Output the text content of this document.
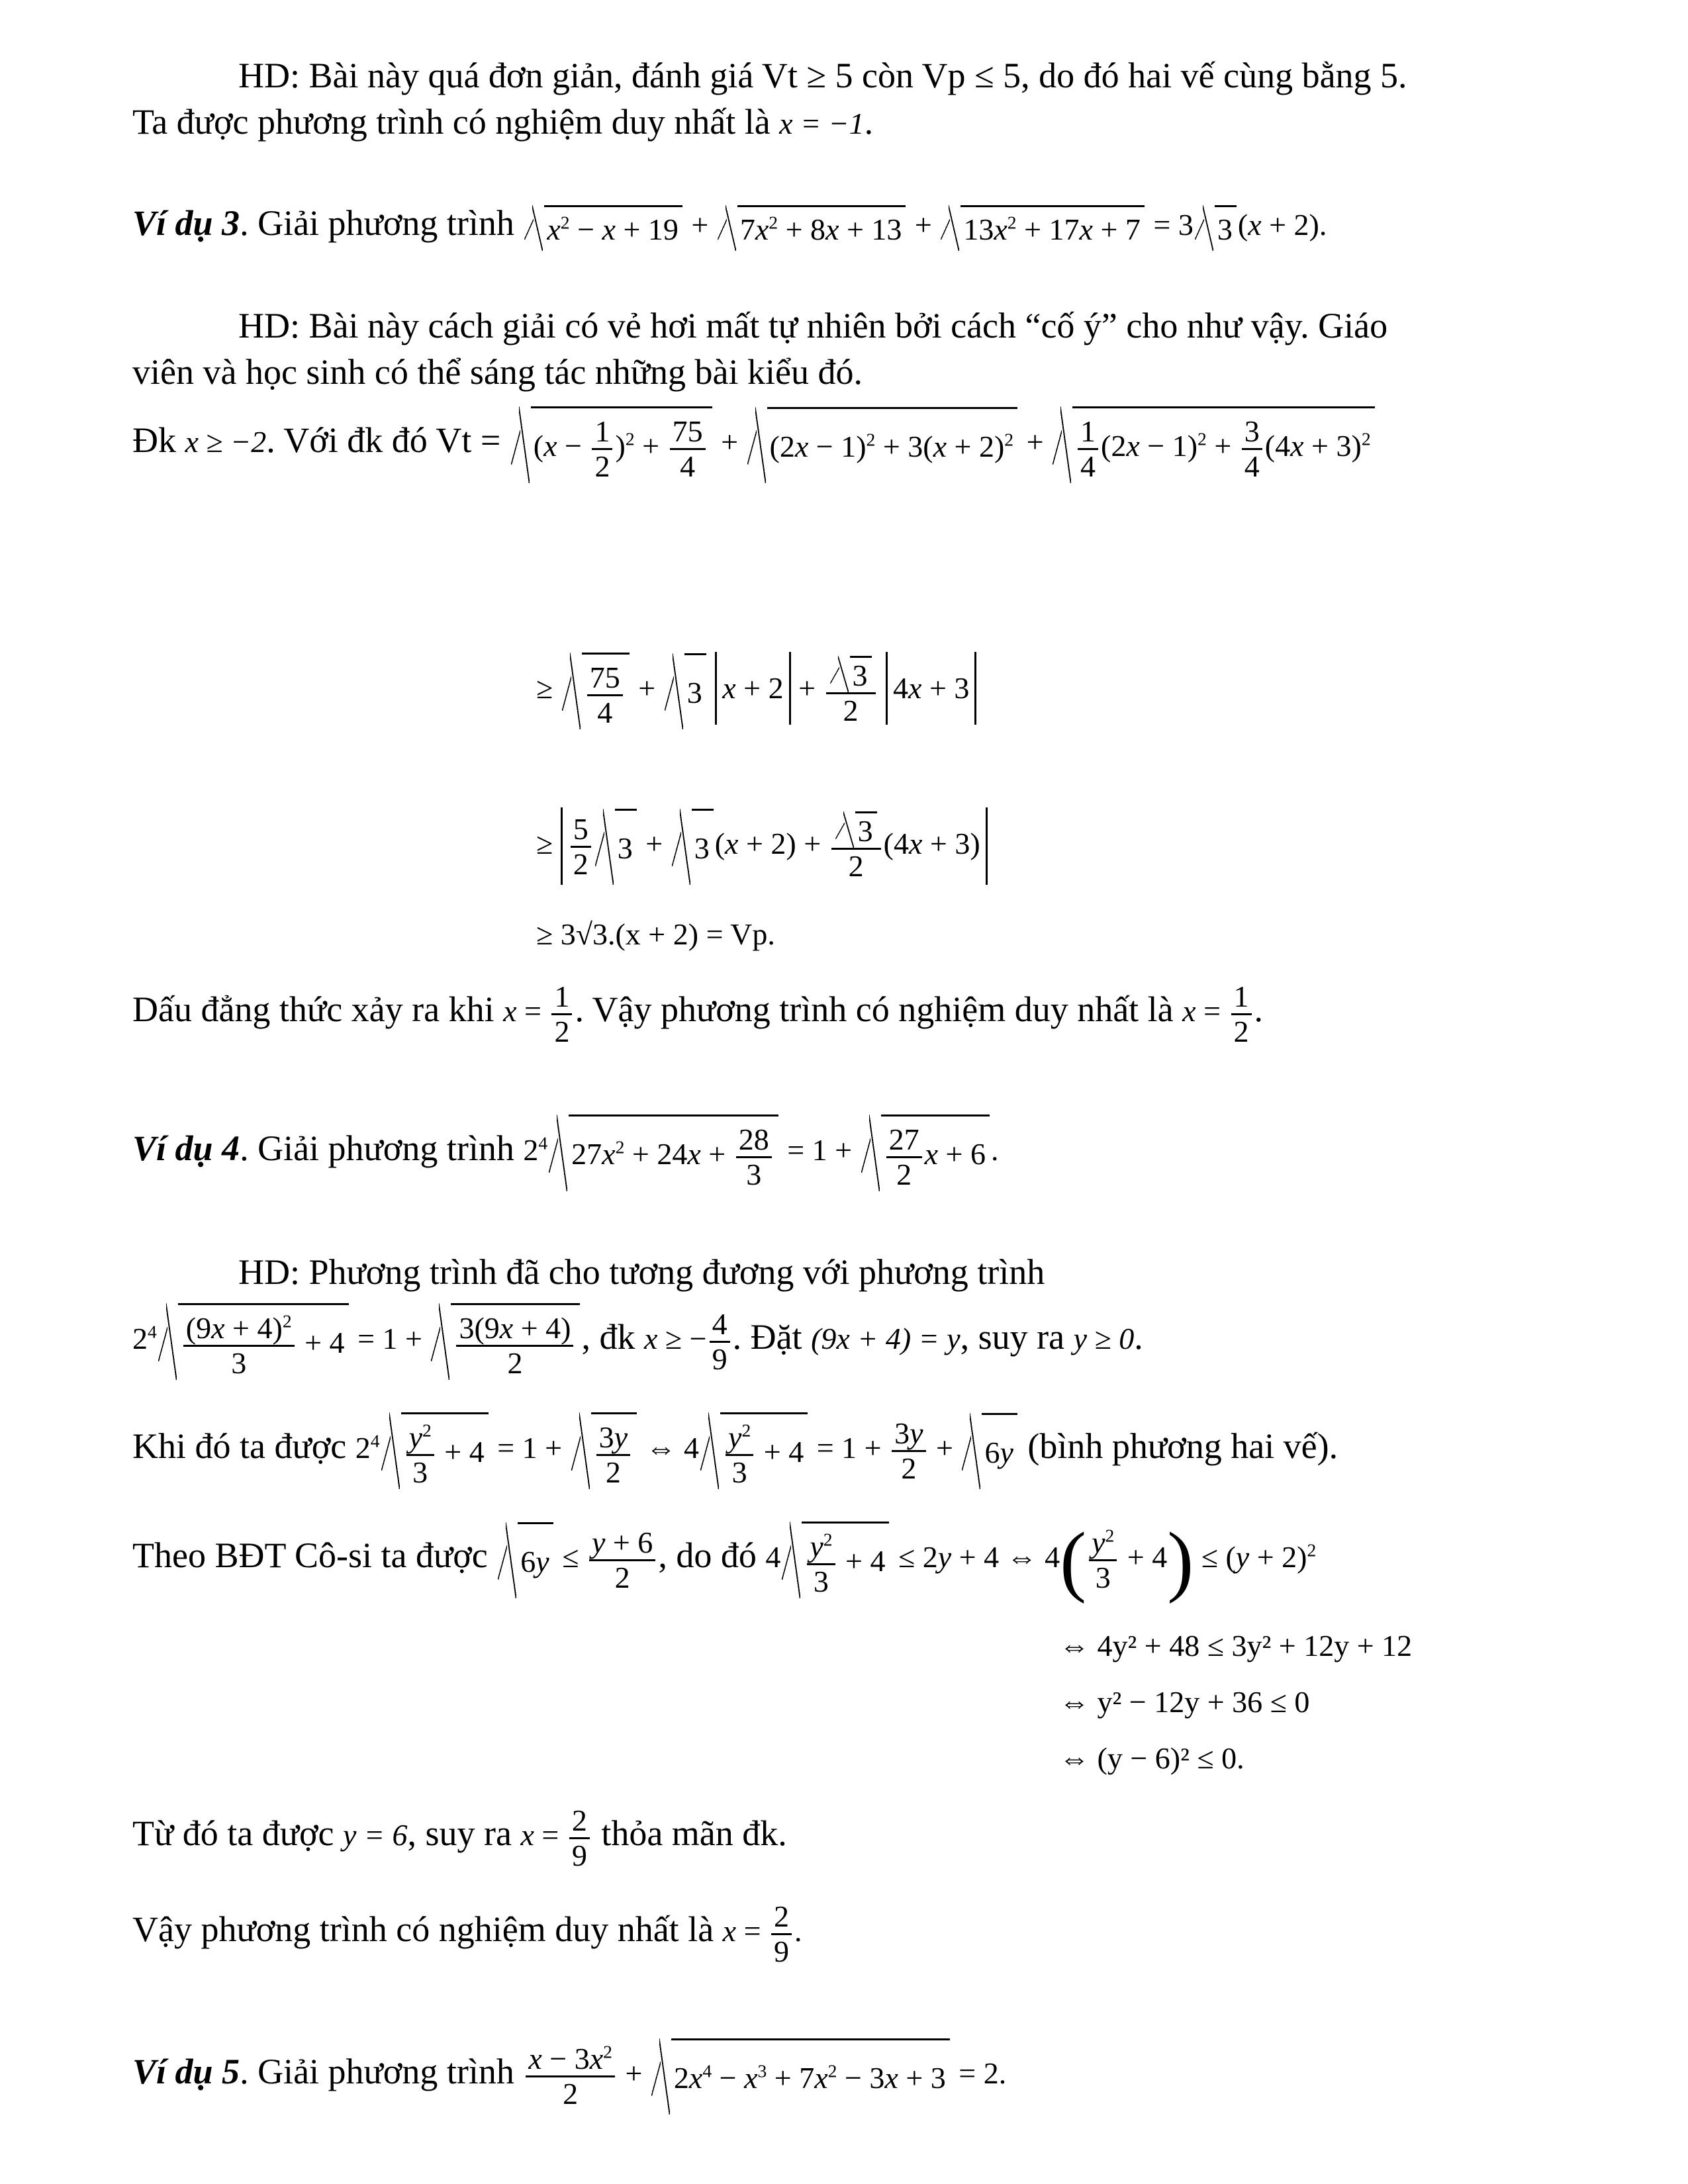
HD: Bài này quá đơn giản, đánh giá Vt ≥ 5 còn Vp ≤ 5, do đó hai vế cùng bằng 5.
Ta được phương trình có nghiệm duy nhất là x = −1.
Ví dụ 3. Giải phương trình $x^2 - x + 19 + 7x^2 + 8x + 13 + 13x^2 + 17x + 7 = 3$ 3 (x + 2).
HD: Bài này cách giải có vẻ hơi mất tự nhiên bởi cách “cố ý” cho như vậy. Giáo
viên và học sinh có thể sáng tác những bài kiểu đó.
Đk x ≥ −2. Với đk đó $Vt = (x - \frac{1}{2} )^2 + \frac{75}{4} + (2x - 1)^2 + 3(x + 2)^2 + \frac{1}{4} (2x - 1)^2 + \frac{3}{4} (4x + 3)^2$
≥ $\frac{75}{4} + 3$ $x + 2 + \frac{3}{2} 4x + 3$
≥ $\frac{5}{2} 3 + 3$ $(x + 2) + \frac{3}{2} (4x + 3)$
≥ 3√3.(x + 2) = Vp.
Dấu đẳng thức xảy ra khi $x = \frac{1}{2}$ . Vậy phương trình có nghiệm duy nhất là $x = \frac{1}{2}$ .
Ví dụ 4. Giải phương trình $2^4$ $27x^2 + 24x + \frac{28}{3} = 1 + \frac{27}{2}$ x + 6 .
HD: Phương trình đã cho tương đương với phương trình
$2^4 \frac{(9x + 4)^2}{3} + 4 = 1 + \frac{3(9x + 4)}{2}$ , đk x ≥ − $\frac{4}{9}$ . Đặt (9x + 4) = y, suy ra y ≥ 0.
Khi đó ta được $2^4 \frac{y^2}{3} + 4 = 1 + \frac{3y}{2}$ ⇔ $4 \frac{y^2}{3} + 4 = 1 + \frac{3y}{2} + 6y$ (bình phương hai vế).
Theo BĐT Cô-si ta được $6y \le \frac{y + 6}{2}$ , do đó $4 \frac{y^2}{3} + 4 \le 2y + 4$ ⇔ $4( \frac{y^2}{3} + 4) \le (y + 2)^2$
⇔ 4y² + 48 ≤ 3y² + 12y + 12
⇔ y² − 12y + 36 ≤ 0
⇔ (y − 6)² ≤ 0.
Từ đó ta được y = 6, suy ra $x = \frac{2}{9}$ thỏa mãn đk.
Vậy phương trình có nghiệm duy nhất là $x = \frac{2}{9}$ .
Ví dụ 5. Giải phương trình $\frac{x - 3x^2}{2} + 2x^4 - x^3 + 7x^2 - 3x + 3 = 2$.
